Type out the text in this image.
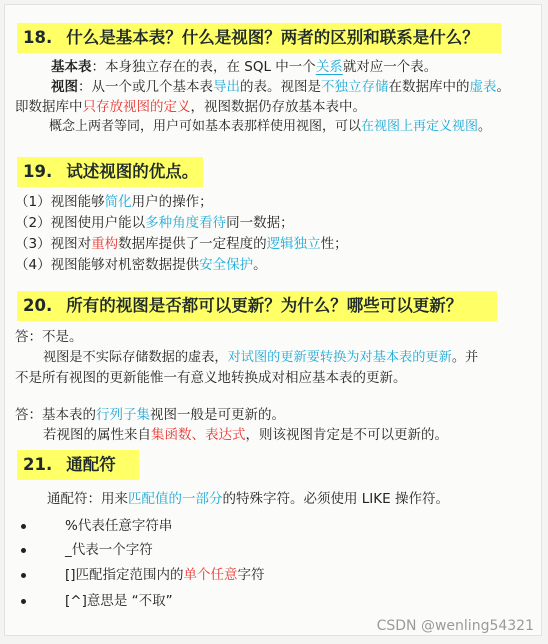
18. 什么是基本表？什么是视图？两者的区别和联系是什么？
基本表：本身独立存在的表，在 SQL 中一个关系就对应一个表。
视图：从一个或几个基本表导出的表。视图是不独立存储在数据库中的虚表。
即数据库中只存放视图的定义，视图数据仍存放基本表中。
概念上两者等同，用户可如基本表那样使用视图，可以在视图上再定义视图。
19. 试述视图的优点。
（1）视图能够简化用户的操作；
（2）视图使用户能以多种角度看待同一数据；
（3）视图对重构数据库提供了一定程度的逻辑独立性；
（4）视图能够对机密数据提供安全保护。
20. 所有的视图是否都可以更新？为什么？哪些可以更新？
答：不是。
视图是不实际存储数据的虚表，对试图的更新要转换为对基本表的更新。并
不是所有视图的更新能惟一有意义地转换成对相应基本表的更新。
答：基本表的行列子集视图一般是可更新的。
若视图的属性来自集函数、表达式，则该视图肯定是不可以更新的。
21. 通配符
通配符：用来匹配值的一部分的特殊字符。必须使用 LIKE 操作符。
%代表任意字符串
_代表一个字符
[]匹配指定范围内的单个任意字符
[^]意思是 “不取”
CSDN @wenling54321
